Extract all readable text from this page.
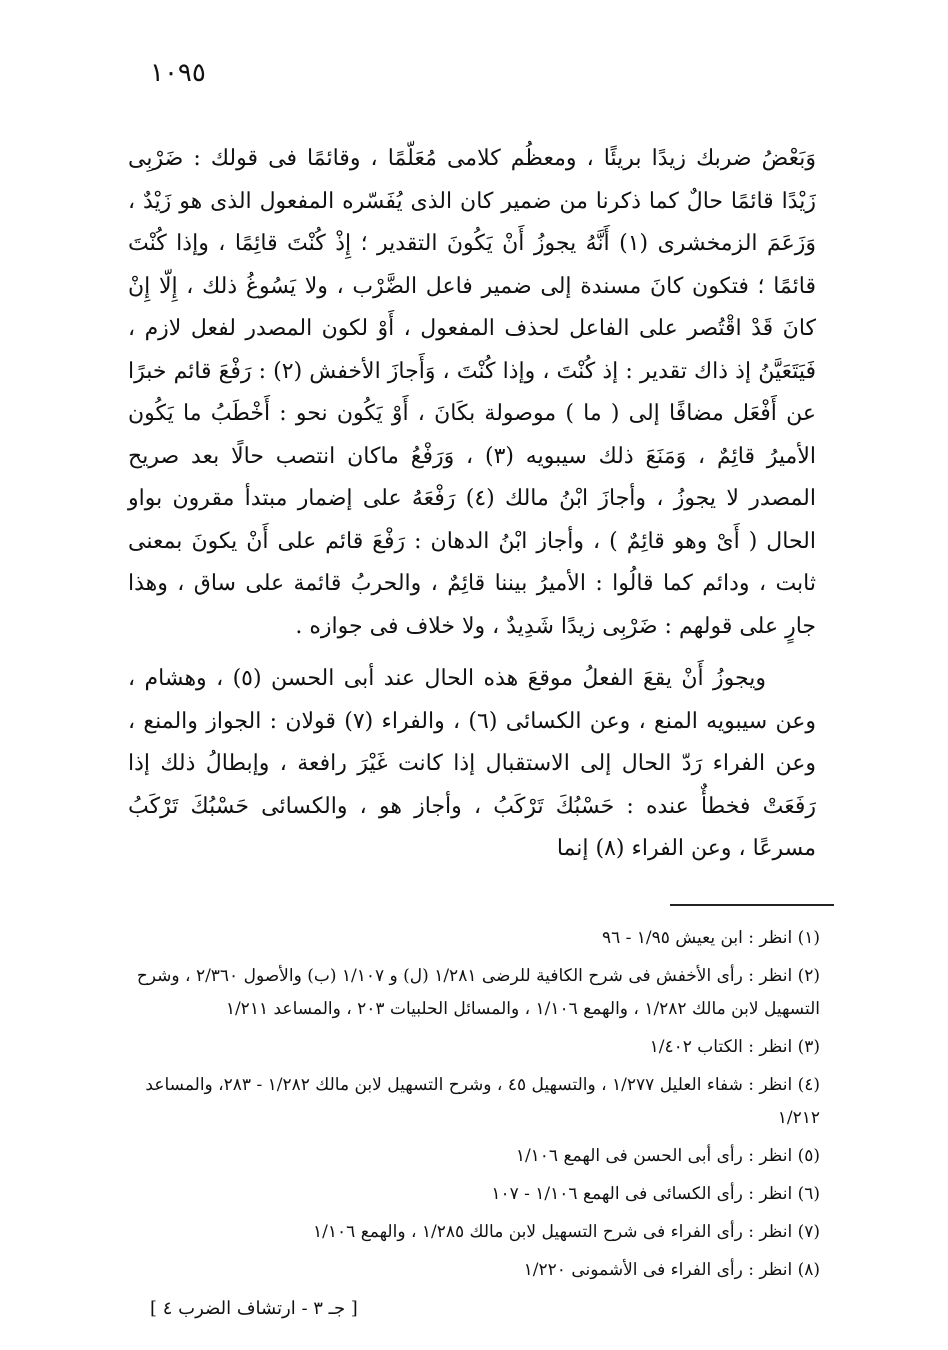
١٠٩٥

وَبَعْضُ ضربك زيدًا بريئًا ، ومعظُم كلامى مُعَلّمًا ، وقائمًا فى قولك : ضَرْبِى زَيْدًا قائمًا حالٌ كما ذكرنا من ضمير كان الذى يُفَسّره المفعول الذى هو زَيْدٌ ، وَزَعَمَ الزمخشرى (١) أَنَّهُ يجوزُ أَنْ يَكُونَ التقدير ؛ إِذْ كُنْتَ قائِمًا ، وإذا كُنْتَ قائمًا ؛ فتكون كانَ مسندة إلى ضمير فاعل الضَّرْب ، ولا يَسُوغُ ذلك ، إِلّا إِنْ كانَ قَدْ اقْتُصر على الفاعل لحذف المفعول ، أَوْ لكون المصدر لفعل لازم ، فَيَتَعَيَّنُ إذ ذاك تقدير : إذ كُنْتَ ، وإذا كُنْتَ ، وَأَجازَ الأخفش (٢) : رَفْعَ قائم خبرًا عن أَفْعَل مضافًا إلى ( ما ) موصولة بكَانَ ، أَوْ يَكُون نحو : أَخْطَبُ ما يَكُون الأميرُ قائِمٌ ، وَمَنَعَ ذلك سيبويه (٣) ، وَرَفْعُ ماكان انتصب حالًا بعد صريح المصدر لا يجوزُ ، وأجازَ ابْنُ مالك (٤) رَفْعَهُ على إضمار مبتدأ مقرون بواو الحال ( أَىْ وهو قائِمٌ ) ، وأجاز ابْنُ الدهان : رَفْعَ قائم على أَنْ يكونَ بمعنى ثابت ، ودائم كما قالُوا : الأميرُ بيننا قائِمٌ ، والحربُ قائمة على ساق ، وهذا جارٍ على قولهم : ضَرْبِى زيدًا شَدِيدٌ ، ولا خلاف فى جوازه .

ويجوزُ أَنْ يقعَ الفعلُ موقعَ هذه الحال عند أبى الحسن (٥) ، وهشام ، وعن سيبويه المنع ، وعن الكسائى (٦) ، والفراء (٧) قولان : الجواز والمنع ، وعن الفراء رَدّ الحال إلى الاستقبال إذا كانت غَيْرَ رافعة ، وإبطالُ ذلك إذا رَفَعَتْ فخطأٌ عنده : حَسْبُكَ تَرْكَبُ ، وأجاز هو ، والكسائى حَسْبُكَ تَرْكَبُ مسرعًا ، وعن الفراء (٨) إنما

(١) انظر : ابن يعيش ١/٩٥ - ٩٦

(٢) انظر : رأى الأخفش فى شرح الكافية للرضى ١/٢٨١ (ل) و ١/١٠٧ (ب) والأصول ٢/٣٦٠ ، وشرح التسهيل لابن مالك ١/٢٨٢ ، والهمع ١/١٠٦ ، والمسائل الحلبيات ٢٠٣ ، والمساعد ١/٢١١

(٣) انظر : الكتاب ١/٤٠٢

(٤) انظر : شفاء العليل ١/٢٧٧ ، والتسهيل ٤٥ ، وشرح التسهيل لابن مالك ١/٢٨٢ - ٢٨٣، والمساعد ١/٢١٢

(٥) انظر : رأى أبى الحسن فى الهمع ١/١٠٦

(٦) انظر : رأى الكسائى فى الهمع ١/١٠٦ - ١٠٧

(٧) انظر : رأى الفراء فى شرح التسهيل لابن مالك ١/٢٨٥ ، والهمع ١/١٠٦

(٨) انظر : رأى الفراء فى الأشمونى ١/٢٢٠

[ جـ ٣ - ارتشاف الضرب ٤ ]
